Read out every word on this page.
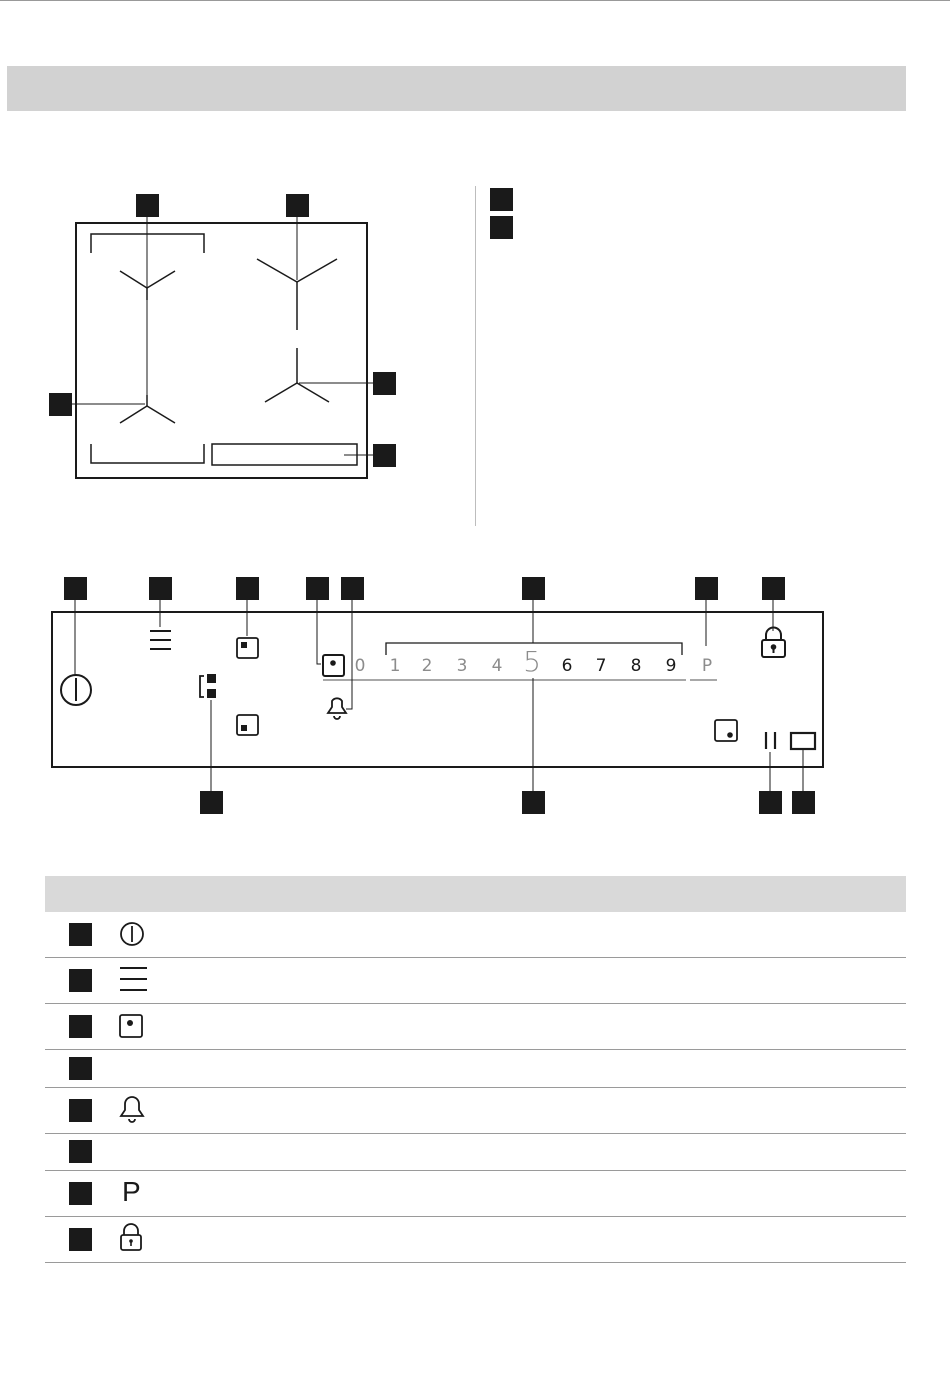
0	1	2	3	4 5	6	7	8	9	P
P
